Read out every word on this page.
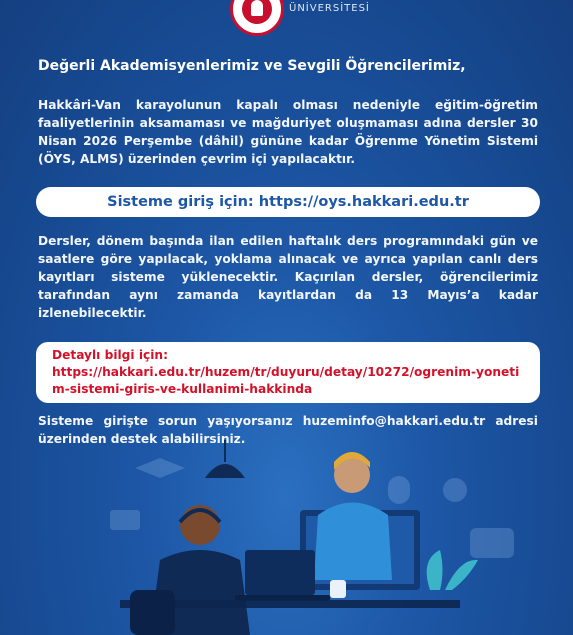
ÜNİVERSİTESİ
Değerli Akademisyenlerimiz ve Sevgili Öğrencilerimiz,
Hakkâri-Van karayolunun kapalı olması nedeniyle eğitim-öğretim faaliyetlerinin aksamaması ve mağduriyet oluşmaması adına dersler 30 Nisan 2026 Perşembe (dâhil) gününe kadar Öğrenme Yönetim Sistemi (ÖYS, ALMS) üzerinden çevrim içi yapılacaktır.
Sisteme giriş için: https://oys.hakkari.edu.tr
Dersler, dönem başında ilan edilen haftalık ders programındaki gün ve saatlere göre yapılacak, yoklama alınacak ve ayrıca yapılan canlı ders kayıtları sisteme yüklenecektir. Kaçırılan dersler, öğrencilerimiz tarafından aynı zamanda kayıtlardan da 13 Mayıs’a kadar izlenebilecektir.
Detaylı bilgi için:
https://hakkari.edu.tr/huzem/tr/duyuru/detay/10272/ogrenim-yonetim-sistemi-giris-ve-kullanimi-hakkinda
Sisteme girişte sorun yaşıyorsanız huzeminfo@hakkari.edu.tr adresi üzerinden destek alabilirsiniz.
